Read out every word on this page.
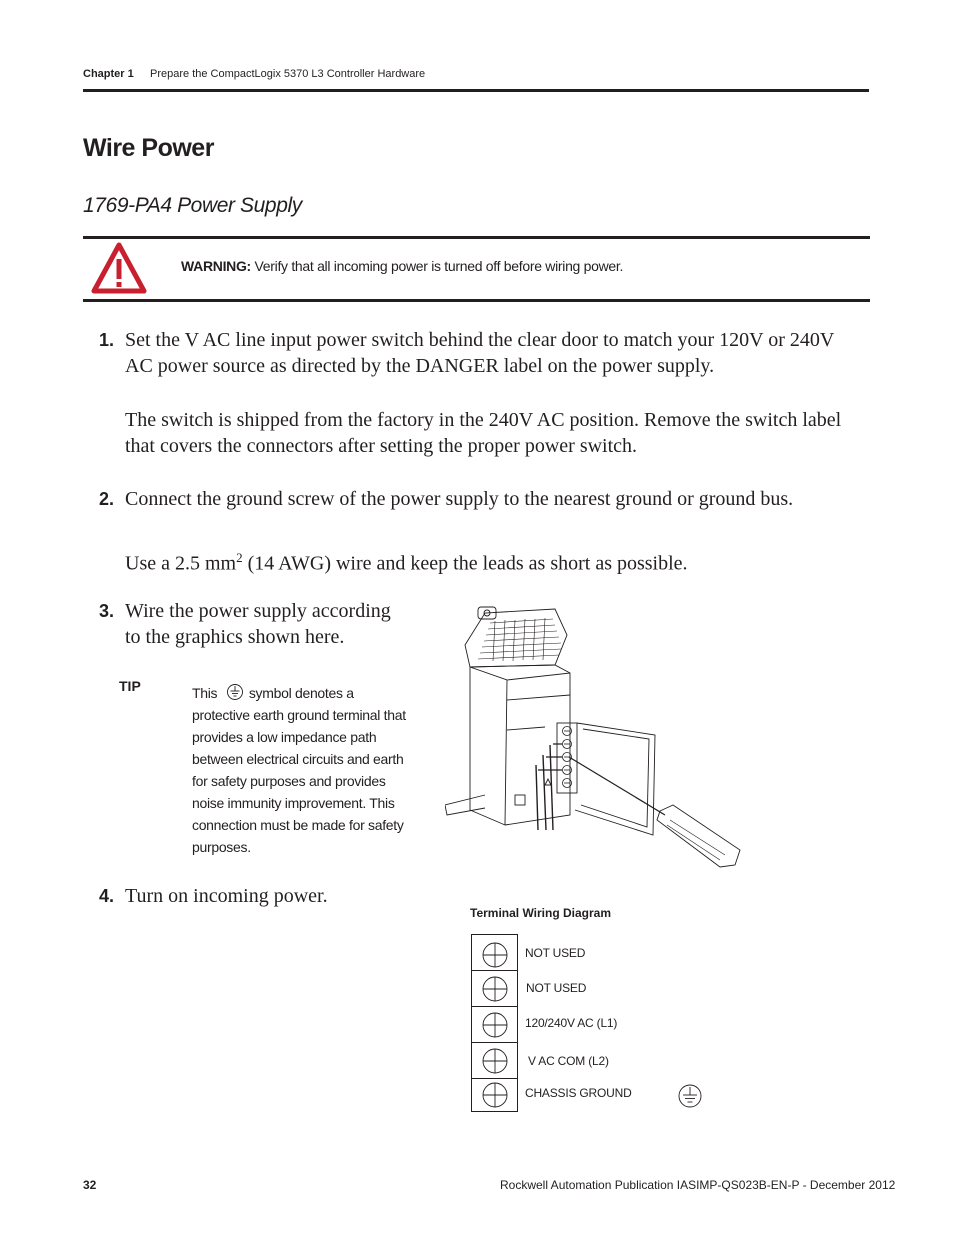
Chapter 1 Prepare the CompactLogix 5370 L3 Controller Hardware
Wire Power
1769-PA4 Power Supply
WARNING: Verify that all incoming power is turned off before wiring power.
1. Set the V AC line input power switch behind the clear door to match your 120V or 240V
AC power source as directed by the DANGER label on the power supply.
The switch is shipped from the factory in the 240V AC position. Remove the switch label
that covers the connectors after setting the proper power switch.
2. Connect the ground screw of the power supply to the nearest ground or ground bus.
Use a 2.5 $mm^2$ (14 AWG) wire and keep the leads as short as possible.
3. Wire the power supply according
to the graphics shown here.
TIP	This symbol denotes a
protective earth ground terminal that
provides a low impedance path
between electrical circuits and earth
for safety purposes and provides
noise immunity improvement. This
connection must be made for safety
purposes.
4. Turn on incoming power.
Terminal Wiring Diagram
NOT USED
NOT USED
120/240V AC (L1)
V AC COM (L2)
CHASSIS GROUND
32	Rockwell Automation Publication IASIMP-QS023B-EN-P - December 2012
